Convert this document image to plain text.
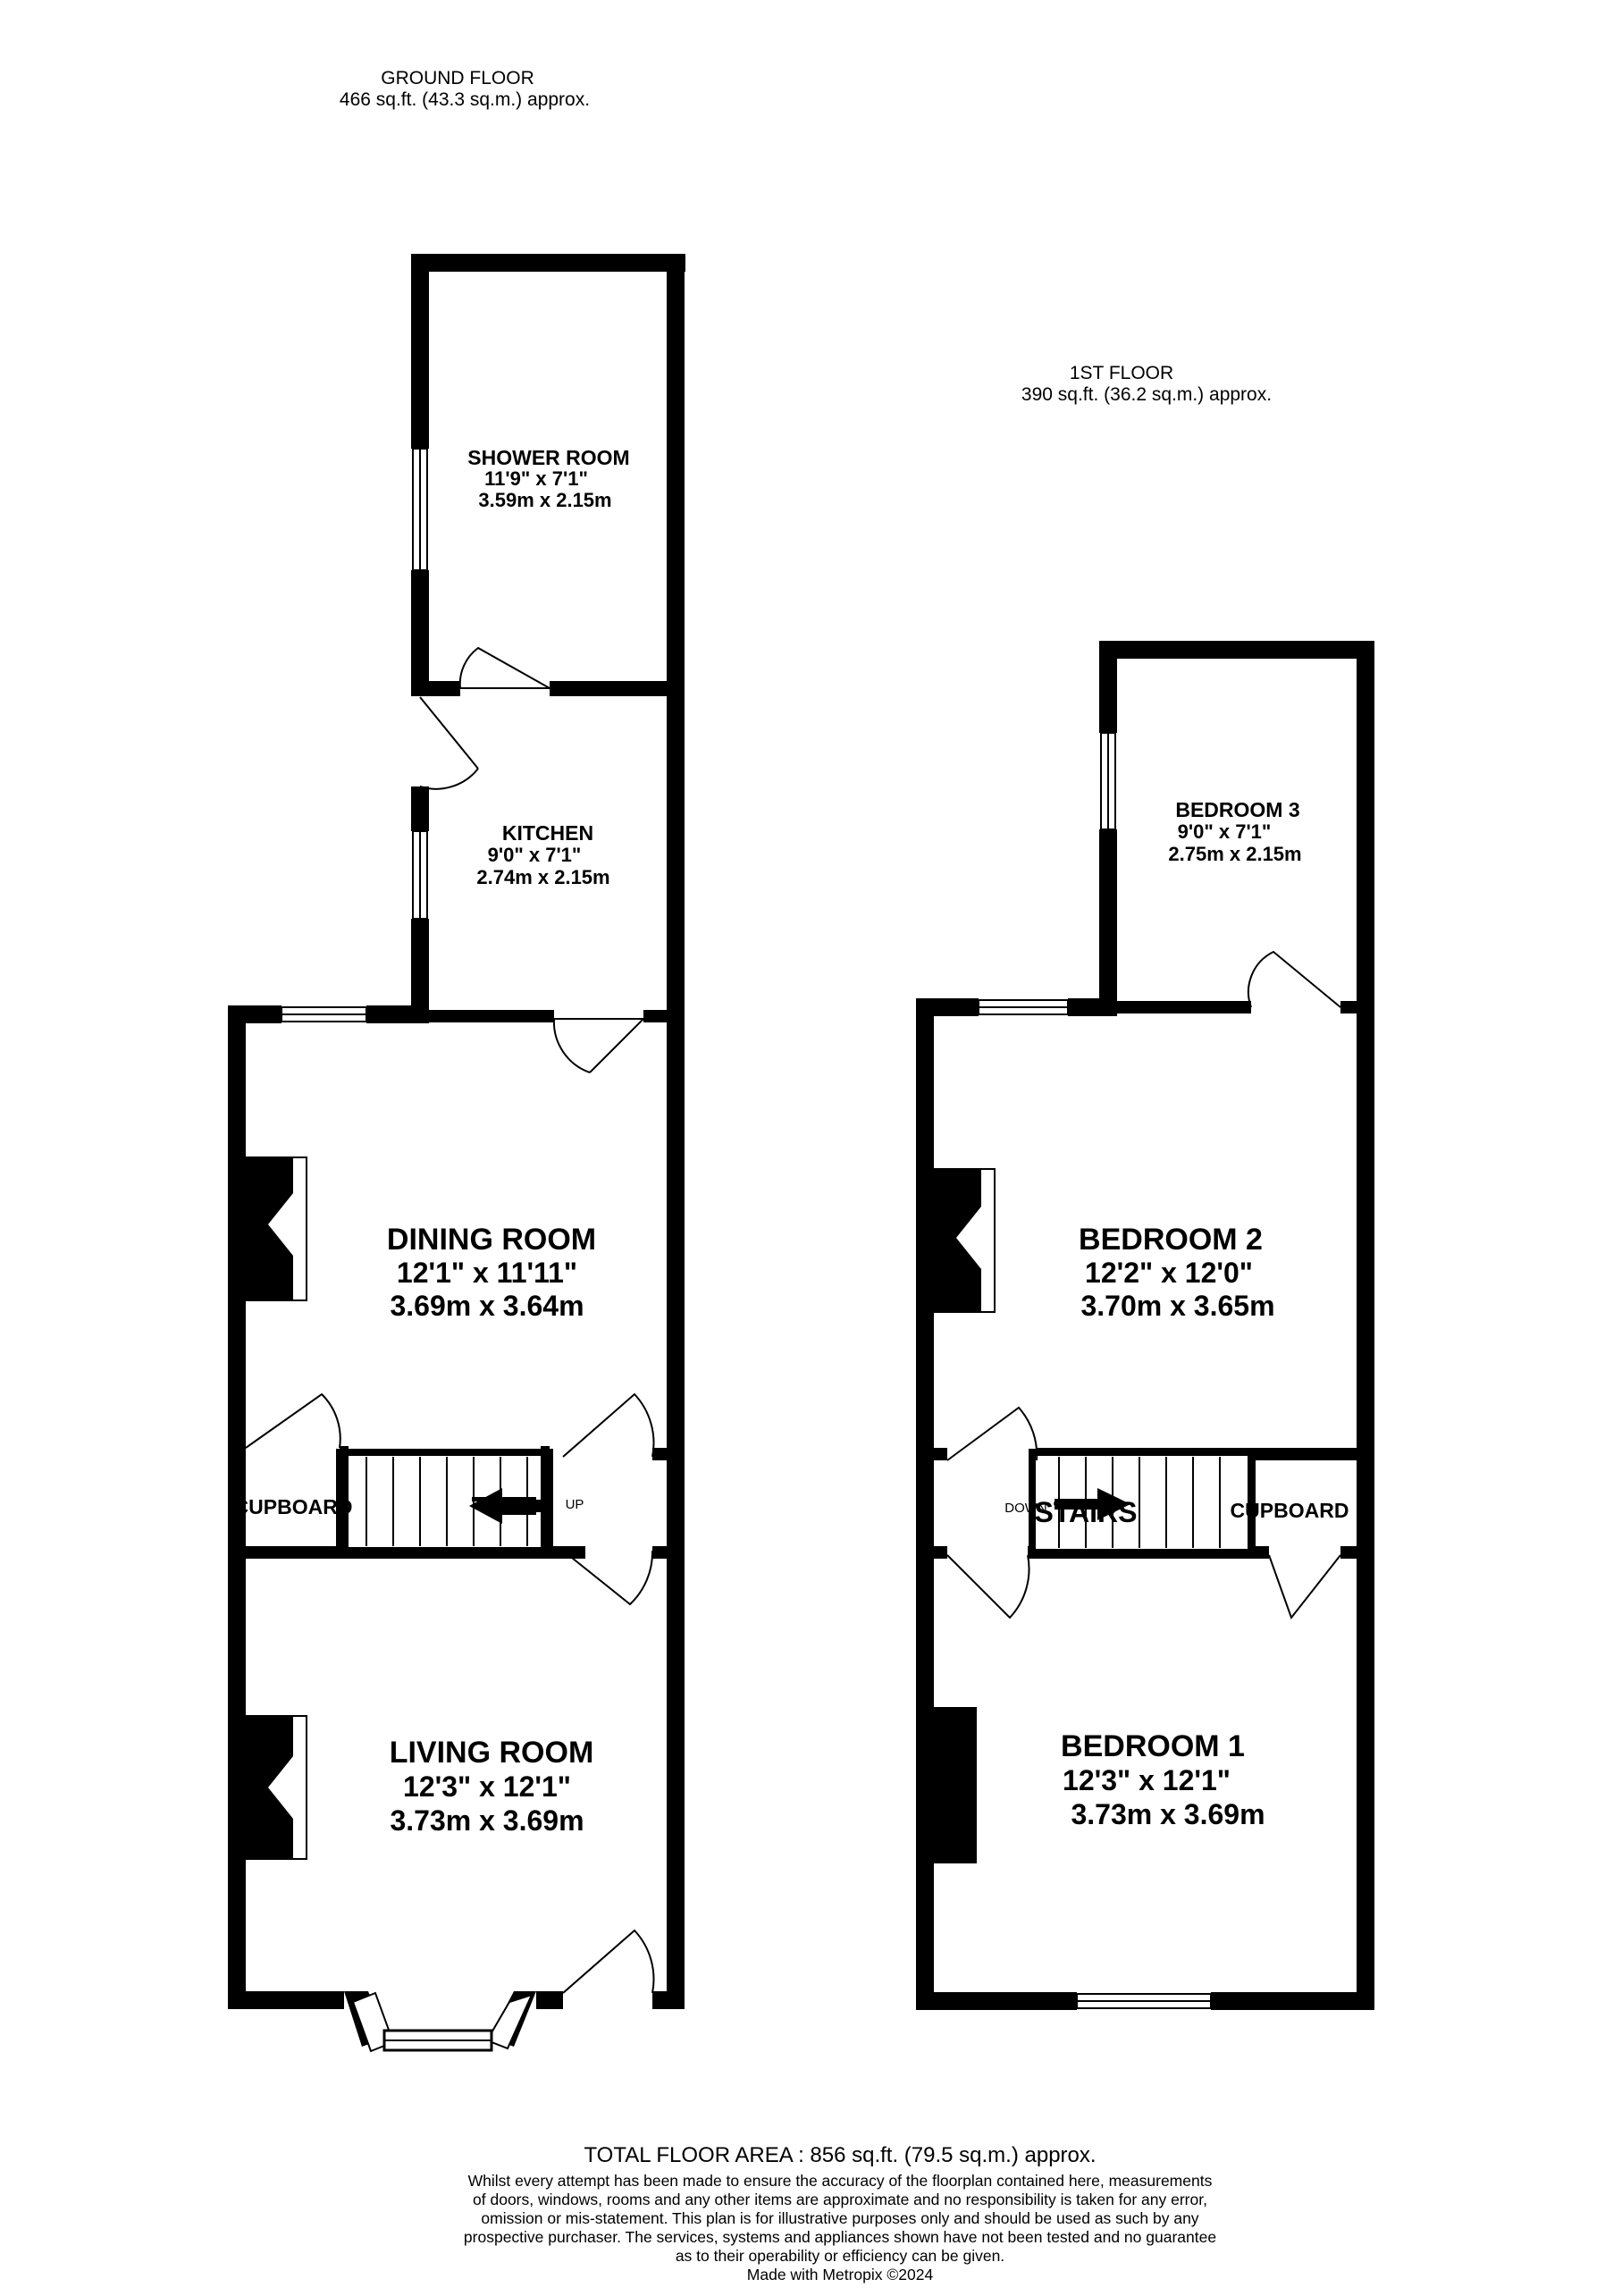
GROUND FLOOR
466 sq.ft. (43.3 sq.m.) approx.
1ST FLOOR
390 sq.ft. (36.2 sq.m.) approx.
SHOWER ROOM
11'9" x 7'1"
3.59m x 2.15m
KITCHEN
9'0" x 7'1"
2.74m x 2.15m
DINING ROOM
12'1" x 11'11"
3.69m x 3.64m
CUPBOARD	UP
LIVING ROOM
12'3" x 12'1"
3.73m x 3.69m
BEDROOM 3
9'0" x 7'1"
2.75m x 2.15m
BEDROOM 2
12'2" x 12'0"
3.70m x 3.65m
DOWN
STAIRS	CUPBOARD
BEDROOM 1
12'3" x 12'1"
3.73m x 3.69m
TOTAL FLOOR AREA : 856 sq.ft. (79.5 sq.m.) approx.
Whilst every attempt has been made to ensure the accuracy of the floorplan contained here, measurements
of doors, windows, rooms and any other items are approximate and no responsibility is taken for any error,
omission or mis-statement. This plan is for illustrative purposes only and should be used as such by any
prospective purchaser. The services, systems and appliances shown have not been tested and no guarantee
as to their operability or efficiency can be given.
Made with Metropix ©2024
